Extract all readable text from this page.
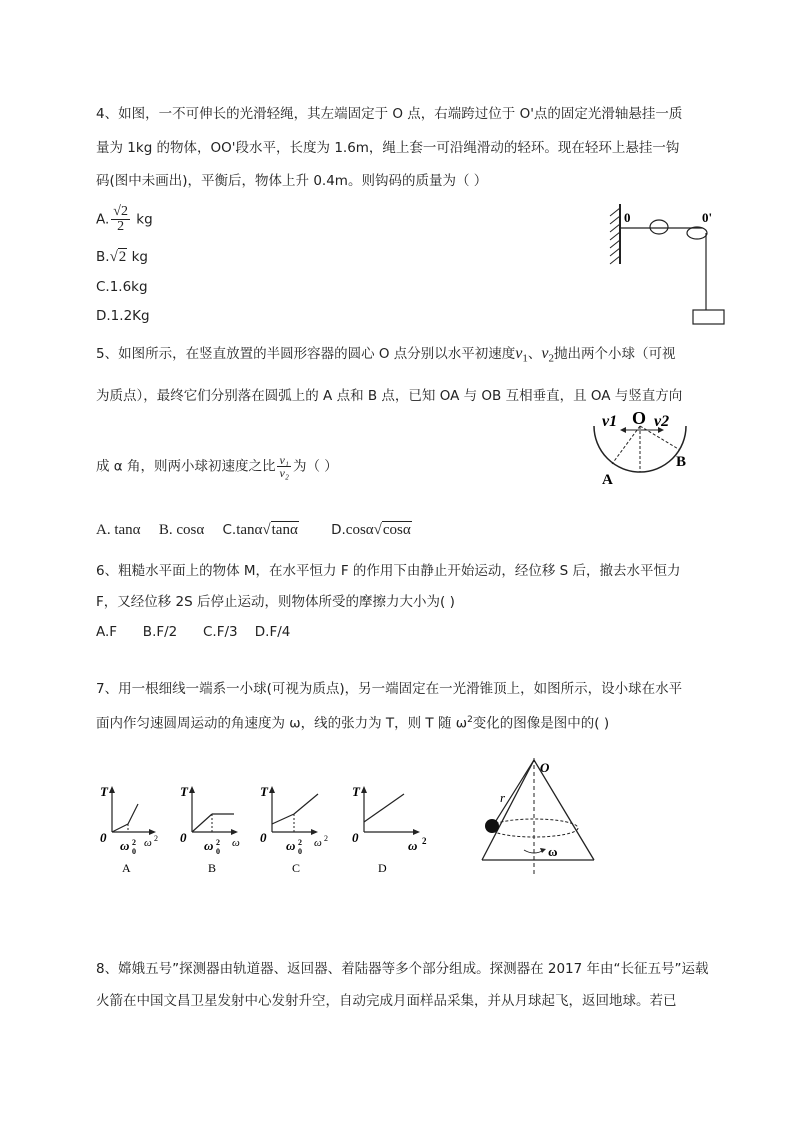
4、如图，一不可伸长的光滑轻绳，其左端固定于 O 点，右端跨过位于 O'点的固定光滑轴悬挂一质
量为 1kg 的物体，OO'段水平，长度为 1.6m，绳上套一可沿绳滑动的轻环。现在轻环上悬挂一钩
码(图中未画出)，平衡后，物体上升 0.4m。则钩码的质量为（ ）
A. $\frac{√2}{2}$ kg
B.√2 kg
C.1.6kg
D.1.2Kg
0	0'
5、如图所示，在竖直放置的半圆形容器的圆心 O 点分别以水平初速度$v_1$、$v_2$抛出两个小球（可视
为质点），最终它们分别落在圆弧上的 A 点和 B 点，已知 OA 与 OB 互相垂直，且 OA 与竖直方向
成 α 角，则两小球初速度之比 $\frac{\text{v₁}}{\text{v₂}}$ 为（ ）
A. tanα B. cosα C.tanα√tanα D.cosα√cosα
v1 O v2
A
B
6、粗糙水平面上的物体 M，在水平恒力 F 的作用下由静止开始运动，经位移 S 后，撤去水平恒力
F，又经位移 2S 后停止运动，则物体所受的摩擦力大小为( )
A.F      B.F/2      C.F/3    D.F/4
7、用一根细线一端系一小球(可视为质点)，另一端固定在一光滑锥顶上，如图所示，设小球在水平
面内作匀速圆周运动的角速度为 ω，线的张力为 T，则 T 随 $\omega^2$变化的图像是图中的( )
T
0
ω 2
0
ω 2
A
T
0
ω 2
0
ω
B
T
0
ω 2
0
ω 2
C
T
0
ω 2
D
O
r
ω
8、嫦娥五号”探测器由轨道器、返回器、着陆器等多个部分组成。探测器在 2017 年由“长征五号”运载
火箭在中国文昌卫星发射中心发射升空，自动完成月面样品采集，并从月球起飞，返回地球。若已
